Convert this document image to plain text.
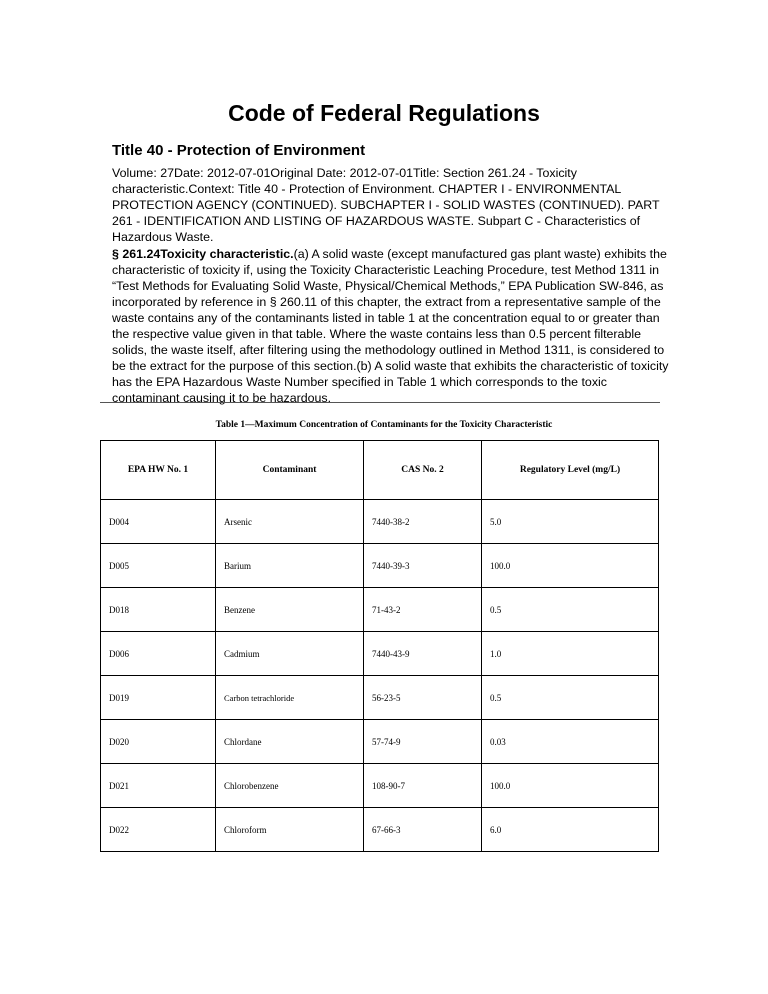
Code of Federal Regulations
Title 40 - Protection of Environment
Volume: 27Date: 2012-07-01Original Date: 2012-07-01Title: Section 261.24 - Toxicity characteristic.Context: Title 40 - Protection of Environment. CHAPTER I - ENVIRONMENTAL PROTECTION AGENCY (CONTINUED). SUBCHAPTER I - SOLID WASTES (CONTINUED). PART 261 - IDENTIFICATION AND LISTING OF HAZARDOUS WASTE. Subpart C - Characteristics of Hazardous Waste.
§ 261.24Toxicity characteristic.(a) A solid waste (except manufactured gas plant waste) exhibits the characteristic of toxicity if, using the Toxicity Characteristic Leaching Procedure, test Method 1311 in “Test Methods for Evaluating Solid Waste, Physical/Chemical Methods,” EPA Publication SW-846, as incorporated by reference in § 260.11 of this chapter, the extract from a representative sample of the waste contains any of the contaminants listed in table 1 at the concentration equal to or greater than the respective value given in that table. Where the waste contains less than 0.5 percent filterable solids, the waste itself, after filtering using the methodology outlined in Method 1311, is considered to be the extract for the purpose of this section.(b) A solid waste that exhibits the characteristic of toxicity has the EPA Hazardous Waste Number specified in Table 1 which corresponds to the toxic contaminant causing it to be hazardous.
Table 1—Maximum Concentration of Contaminants for the Toxicity Characteristic
EPA HW No. 1	Contaminant	CAS No. 2	Regulatory Level (mg/L)
D004	Arsenic	7440-38-2	5.0
D005	Barium	7440-39-3	100.0
D018	Benzene	71-43-2	0.5
D006	Cadmium	7440-43-9	1.0
D019	Carbon tetrachloride	56-23-5	0.5
D020	Chlordane	57-74-9	0.03
D021	Chlorobenzene	108-90-7	100.0
D022	Chloroform	67-66-3	6.0
